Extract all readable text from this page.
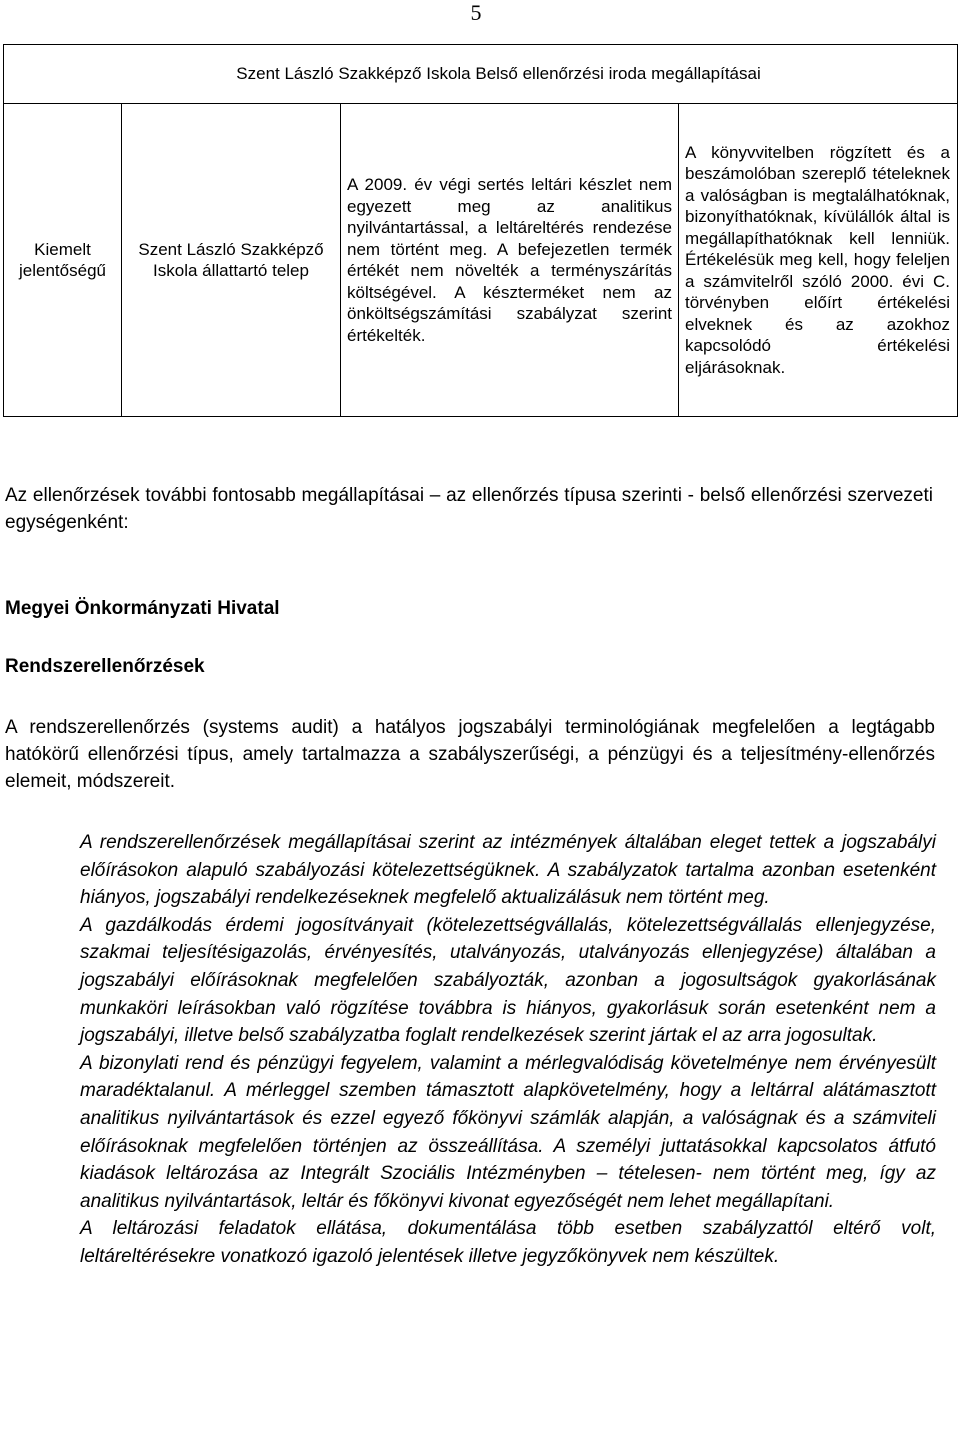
5
Szent László Szakképző Iskola Belső ellenőrzési iroda megállapításai
Kiemelt jelentőségű	Szent László Szakképző Iskola állattartó telep	A 2009. év végi sertés leltári készlet nem egyezett meg az analitikus nyilvántartással, a leltáreltérés rendezése nem történt meg. A befejezetlen termék értékét nem növelték a terményszárítás költségével. A készterméket nem az önköltségszámítási szabályzat szerint értékelték.	A könyvvitelben rögzített és a beszámolóban szereplő tételeknek a valóságban is megtalálhatóknak, bizonyíthatóknak, kívülállók által is megállapíthatóknak kell lenniük. Értékelésük meg kell, hogy feleljen a számvitelről szóló 2000. évi C. törvényben előírt értékelési elveknek és az azokhoz kapcsolódó értékelési eljárásoknak.
Az ellenőrzések további fontosabb megállapításai – az ellenőrzés típusa szerinti - belső ellenőrzési szervezeti egységenként:
Megyei Önkormányzati Hivatal
Rendszerellenőrzések
A rendszerellenőrzés (systems audit) a hatályos jogszabályi terminológiának megfelelően a legtágabb hatókörű ellenőrzési típus, amely tartalmazza a szabályszerűségi, a pénzügyi és a teljesítmény-ellenőrzés elemeit, módszereit.

A rendszerellenőrzések megállapításai szerint az intézmények általában eleget tettek a jogszabályi előírásokon alapuló szabályozási kötelezettségüknek. A szabályzatok tartalma azonban esetenként hiányos, jogszabályi rendelkezéseknek megfelelő aktualizálásuk nem történt meg.

A gazdálkodás érdemi jogosítványait (kötelezettségvállalás, kötelezettségvállalás ellenjegyzése, szakmai teljesítésigazolás, érvényesítés, utalványozás, utalványozás ellenjegyzése) általában a jogszabályi előírásoknak megfelelően szabályozták, azonban a jogosultságok gyakorlásának munkaköri leírásokban való rögzítése továbbra is hiányos, gyakorlásuk során esetenként nem a jogszabályi, illetve belső szabályzatba foglalt rendelkezések szerint jártak el az arra jogosultak.

A bizonylati rend és pénzügyi fegyelem, valamint a mérlegvalódiság követelménye nem érvényesült maradéktalanul. A mérleggel szemben támasztott alapkövetelmény, hogy a leltárral alátámasztott analitikus nyilvántartások és ezzel egyező főkönyvi számlák alapján, a valóságnak és a számviteli előírásoknak megfelelően történjen az összeállítása. A személyi juttatásokkal kapcsolatos átfutó kiadások leltározása az Integrált Szociális Intézményben – tételesen- nem történt meg, így az analitikus nyilvántartások, leltár és főkönyvi kivonat egyezőségét nem lehet megállapítani.

A leltározási feladatok ellátása, dokumentálása több esetben szabályzattól eltérő volt, leltáreltérésekre vonatkozó igazoló jelentések illetve jegyzőkönyvek nem készültek.
